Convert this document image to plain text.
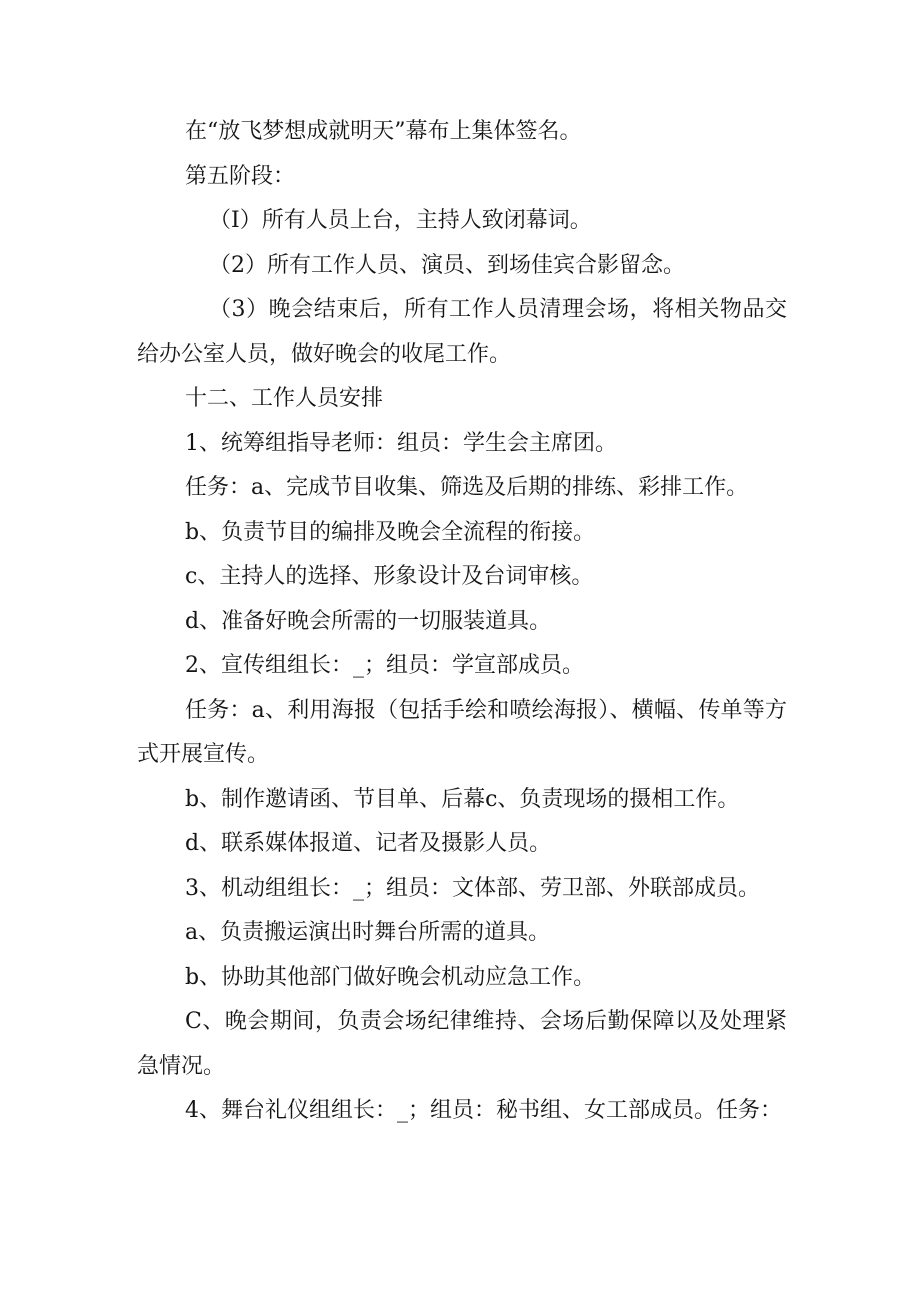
在“放飞梦想成就明天”幕布上集体签名。

第五阶段：

（I）所有人员上台，主持人致闭幕词。

（2）所有工作人员、演员、到场佳宾合影留念。

（3）晚会结束后，所有工作人员清理会场，将相关物品交给办公室人员，做好晚会的收尾工作。

十二、工作人员安排

1、统筹组指导老师：组员：学生会主席团。

任务：a、完成节目收集、筛选及后期的排练、彩排工作。

b、负责节目的编排及晚会全流程的衔接。

c、主持人的选择、形象设计及台词审核。

d、准备好晚会所需的一切服装道具。

2、宣传组组长：_；组员：学宣部成员。

任务：a、利用海报（包括手绘和喷绘海报）、横幅、传单等方式开展宣传。

b、制作邀请函、节目单、后幕c、负责现场的摄相工作。

d、联系媒体报道、记者及摄影人员。

3、机动组组长：_；组员：文体部、劳卫部、外联部成员。

a、负责搬运演出时舞台所需的道具。

b、协助其他部门做好晚会机动应急工作。

C、晚会期间，负责会场纪律维持、会场后勤保障以及处理紧急情况。

4、舞台礼仪组组长：_；组员：秘书组、女工部成员。任务：
